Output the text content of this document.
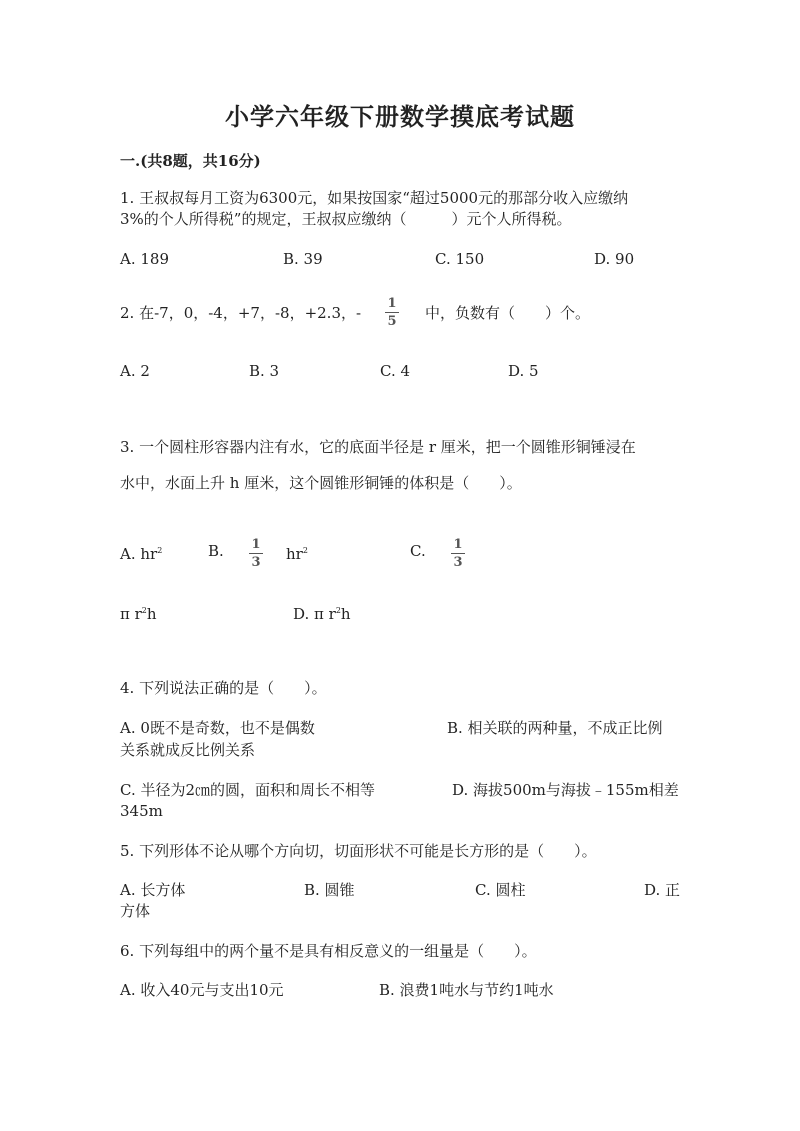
小学六年级下册数学摸底考试题
一.(共8题，共16分)
1. 王叔叔每月工资为6300元，如果按国家“超过5000元的那部分收入应缴纳
3%的个人所得税”的规定，王叔叔应缴纳（　　　）元个人所得税。
A. 189	B. 39	C. 150	D. 90
2. 在-7，0，-4，+7，-8，+2.3，-
1
5 中，负数有（　　）个。
A. 2	B. 3	C. 4	D. 5
3. 一个圆柱形容器内注有水，它的底面半径是 r 厘米，把一个圆锥形铜锤浸在
水中，水面上升 h 厘米，这个圆锥形铜锤的体积是（　　）。
A. $hr^2$	B. 1
3 $hr^2$	C. 1
3
π $r^2h$	D. π $r^2h$
4. 下列说法正确的是（　　）。
A. 0既不是奇数，也不是偶数	B. 相关联的两种量，不成正比例
关系就成反比例关系
C. 半径为2㎝的圆，面积和周长不相等	D. 海拔500m与海拔﹣155m相差
345m
5. 下列形体不论从哪个方向切，切面形状不可能是长方形的是（　　）。
A. 长方体	B. 圆锥	C. 圆柱	D. 正
方体
6. 下列每组中的两个量不是具有相反意义的一组量是（　　）。
A. 收入40元与支出10元	B. 浪费1吨水与节约1吨水
